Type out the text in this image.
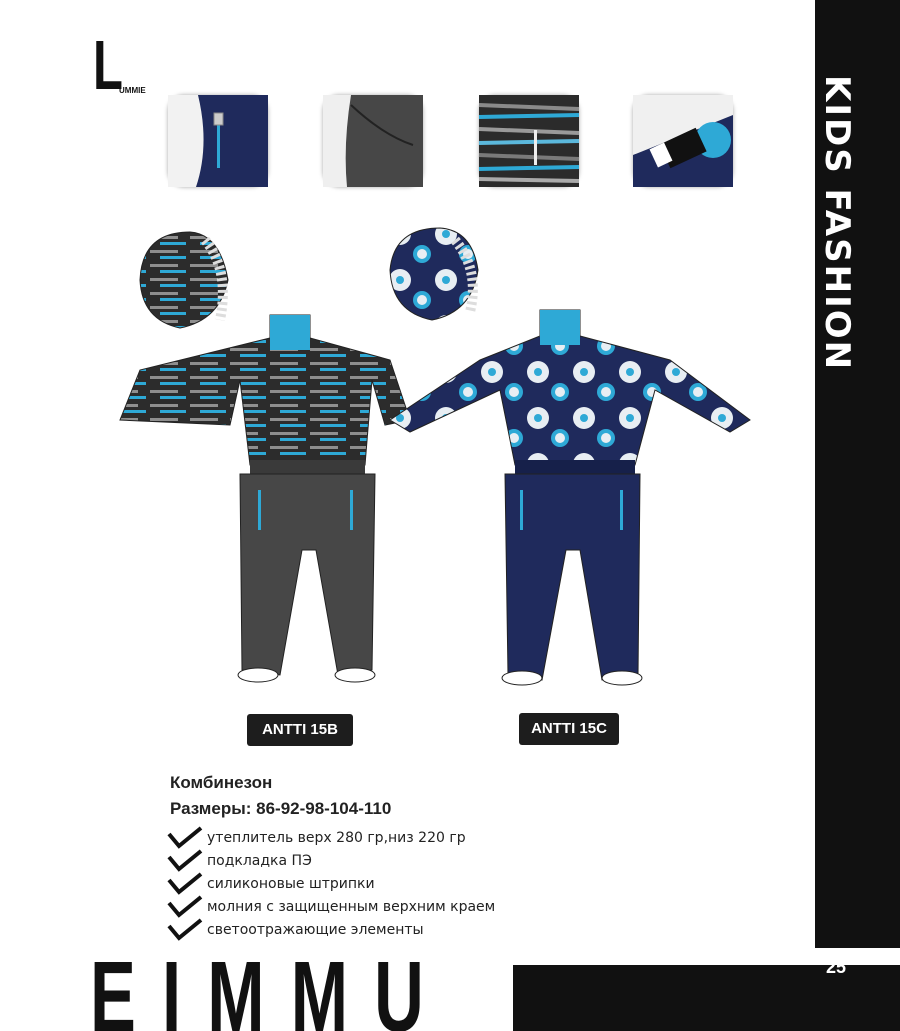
KIDS FASHION
L
UMMIE
ANTTI 15B	ANTTI 15C
Комбинезон
Размеры: 86-92-98-104-110
утеплитель верх 280 гр,низ 220 гр
подкладка ПЭ
силиконовые штрипки
молния с защищенным верхним краем
светоотражающие элементы
EIMMU	25
